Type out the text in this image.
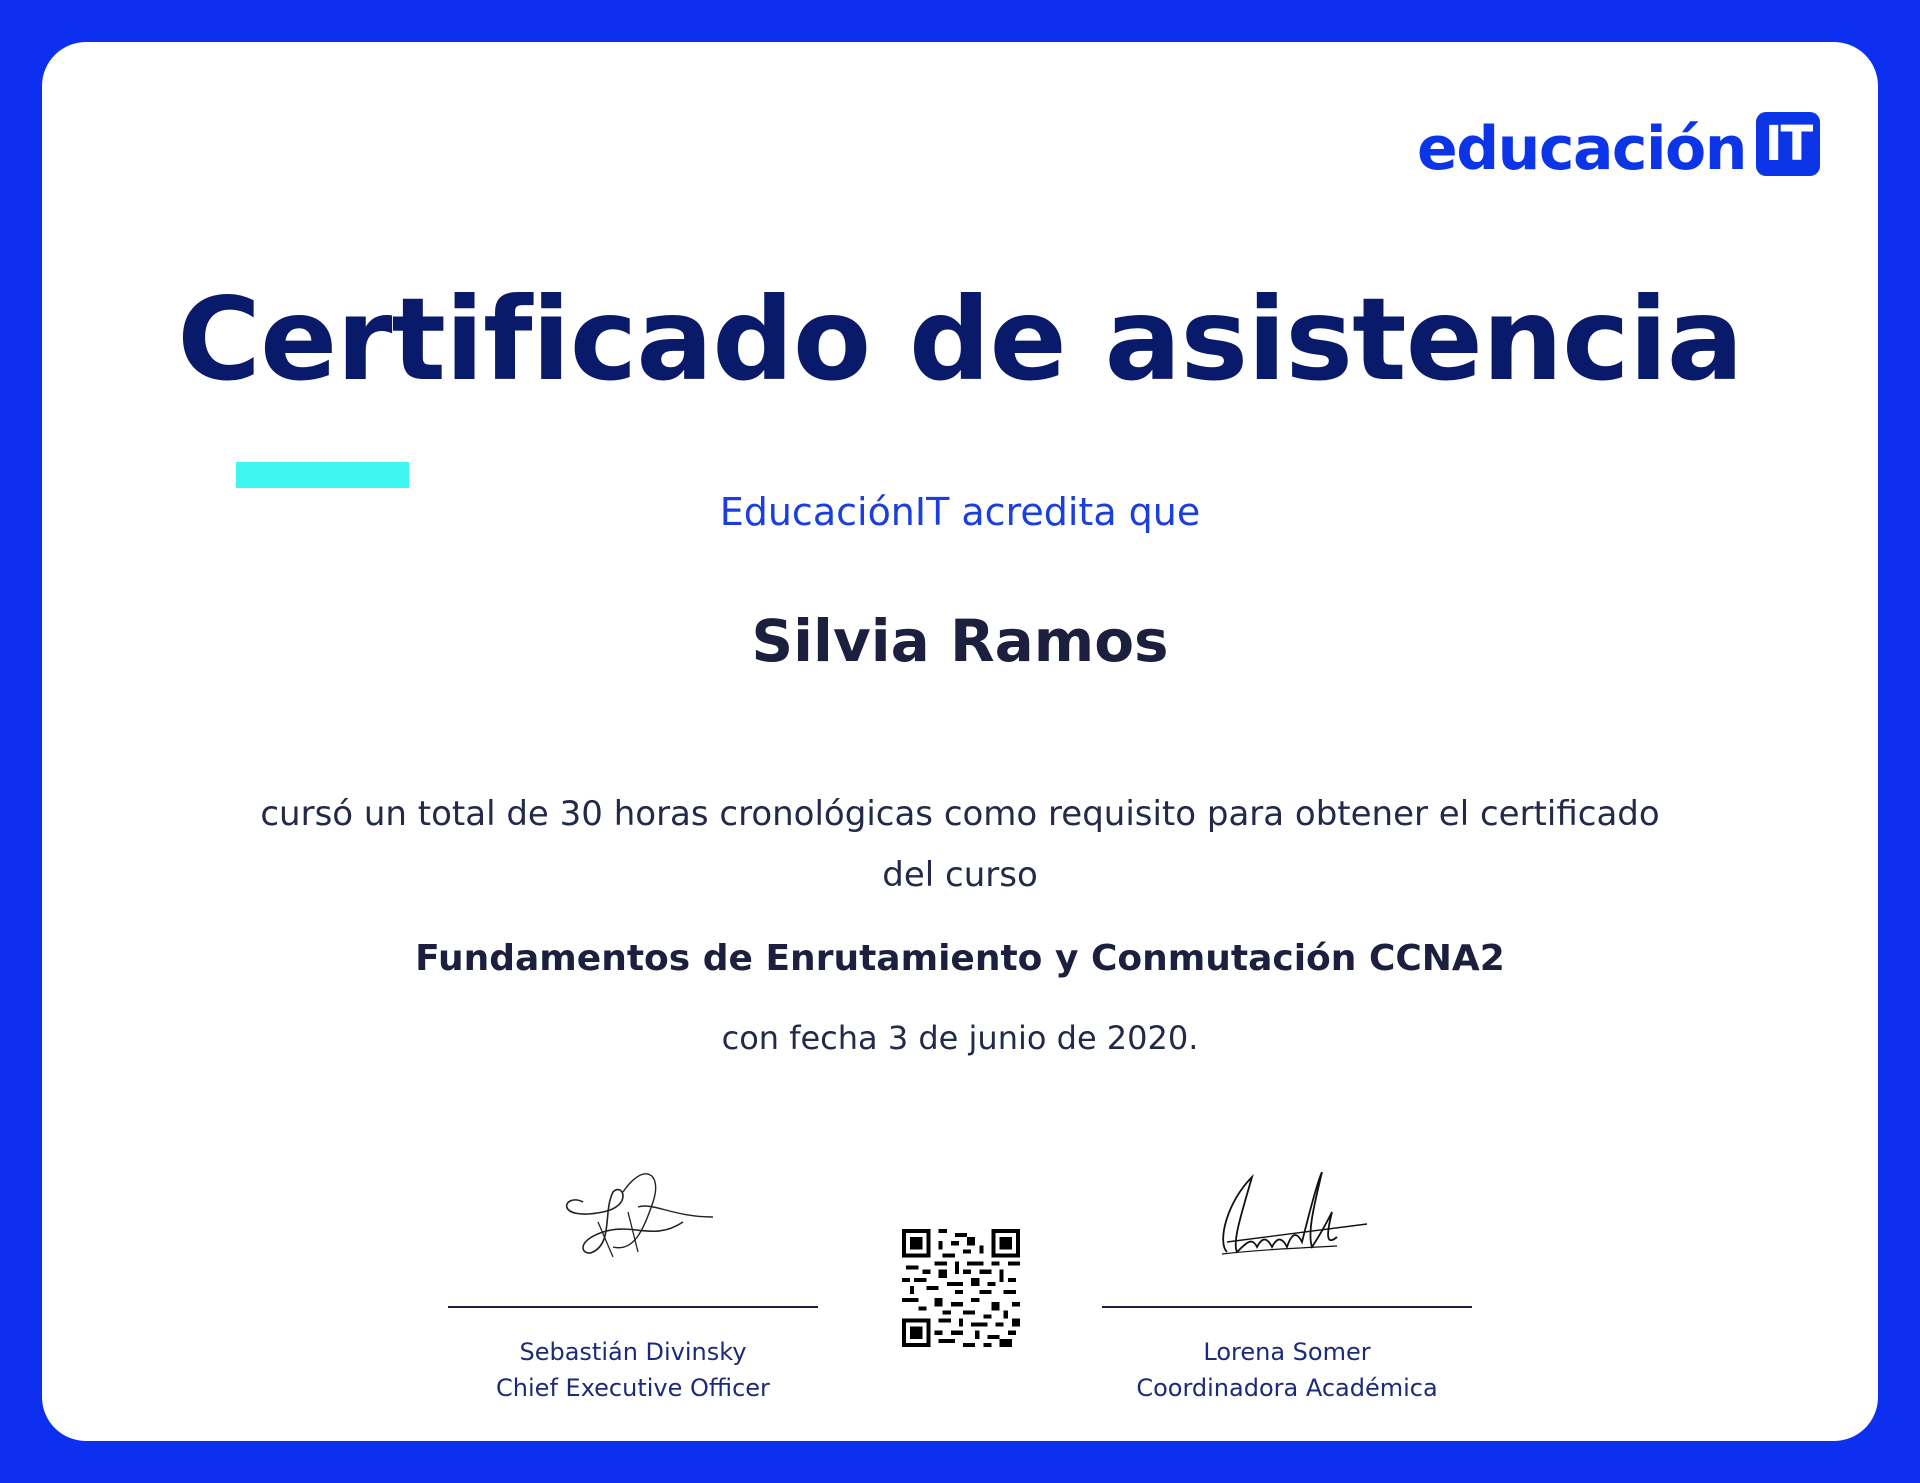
educación IT
Certificado de asistencia
EducaciónIT acredita que
Silvia Ramos
cursó un total de 30 horas cronológicas como requisito para obtener el certificado
del curso
Fundamentos de Enrutamiento y Conmutación CCNA2
con fecha 3 de junio de 2020.
Sebastián Divinsky
Chief Executive Officer
Lorena Somer
Coordinadora Académica
